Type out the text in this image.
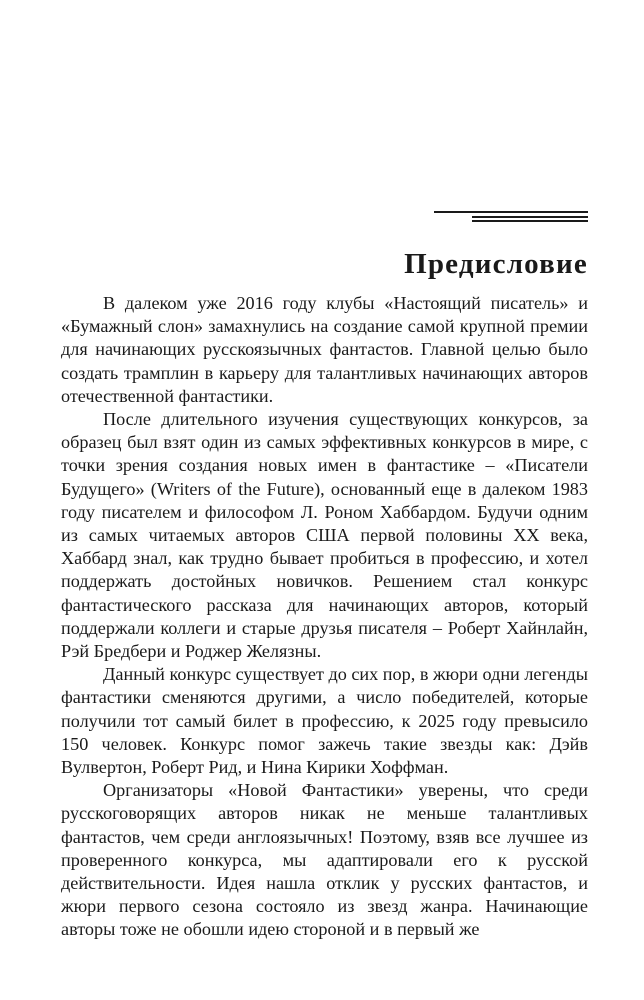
Предисловие

В далеком уже 2016 году клубы «Настоящий писатель» и «Бумажный слон» замахнулись на создание самой крупной премии для начинающих русскоязычных фантастов. Главной целью было создать трамплин в карьеру для талантливых начинающих авторов отечественной фантастики.

После длительного изучения существующих конкурсов, за образец был взят один из самых эффективных конкурсов в мире, с точки зрения создания новых имен в фантастике – «Писатели Будущего» (Writers of the Future), основанный еще в далеком 1983 году писателем и философом Л. Роном Хаббардом. Будучи одним из самых читаемых авторов США первой половины XX века, Хаббард знал, как трудно бывает пробиться в профессию, и хотел поддержать достойных новичков. Решением стал конкурс фантастического рассказа для начинающих авторов, который поддержали коллеги и старые друзья писателя – Роберт Хайнлайн, Рэй Бредбери и Роджер Желязны.

Данный конкурс существует до сих пор, в жюри одни легенды фантастики сменяются другими, а число победителей, которые получили тот самый билет в профессию, к 2025 году превысило 150 человек. Конкурс помог зажечь такие звезды как: Дэйв Вулвертон, Роберт Рид, и Нина Кирики Хоффман.

Организаторы «Новой Фантастики» уверены, что среди русскоговорящих авторов никак не меньше талантливых фантастов, чем среди англоязычных! Поэтому, взяв все лучшее из проверенного конкурса, мы адаптировали его к русской действительности. Идея нашла отклик у русских фантастов, и жюри первого сезона состояло из звезд жанра. Начинающие авторы тоже не обошли идею стороной и в первый же
